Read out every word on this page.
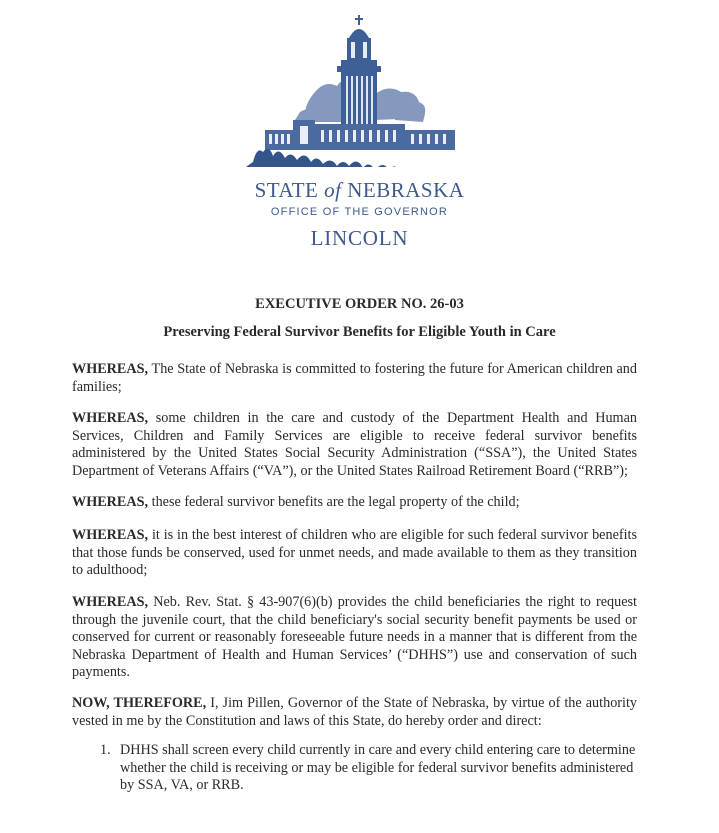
STATE of NEBRASKA
OFFICE OF THE GOVERNOR
LINCOLN
EXECUTIVE ORDER NO. 26-03
Preserving Federal Survivor Benefits for Eligible Youth in Care
WHEREAS, The State of Nebraska is committed to fostering the future for American children and families;
WHEREAS, some children in the care and custody of the Department Health and Human Services, Children and Family Services are eligible to receive federal survivor benefits administered by the United States Social Security Administration (“SSA”), the United States Department of Veterans Affairs (“VA”), or the United States Railroad Retirement Board (“RRB”);
WHEREAS, these federal survivor benefits are the legal property of the child;
WHEREAS, it is in the best interest of children who are eligible for such federal survivor benefits that those funds be conserved, used for unmet needs, and made available to them as they transition to adulthood;
WHEREAS, Neb. Rev. Stat. § 43-907(6)(b) provides the child beneficiaries the right to request through the juvenile court, that the child beneficiary's social security benefit payments be used or conserved for current or reasonably foreseeable future needs in a manner that is different from the Nebraska Department of Health and Human Services’ (“DHHS”) use and conservation of such payments.
NOW, THEREFORE, I, Jim Pillen, Governor of the State of Nebraska, by virtue of the authority vested in me by the Constitution and laws of this State, do hereby order and direct:
1. DHHS shall screen every child currently in care and every child entering care to determine whether the child is receiving or may be eligible for federal survivor benefits administered by SSA, VA, or RRB.
